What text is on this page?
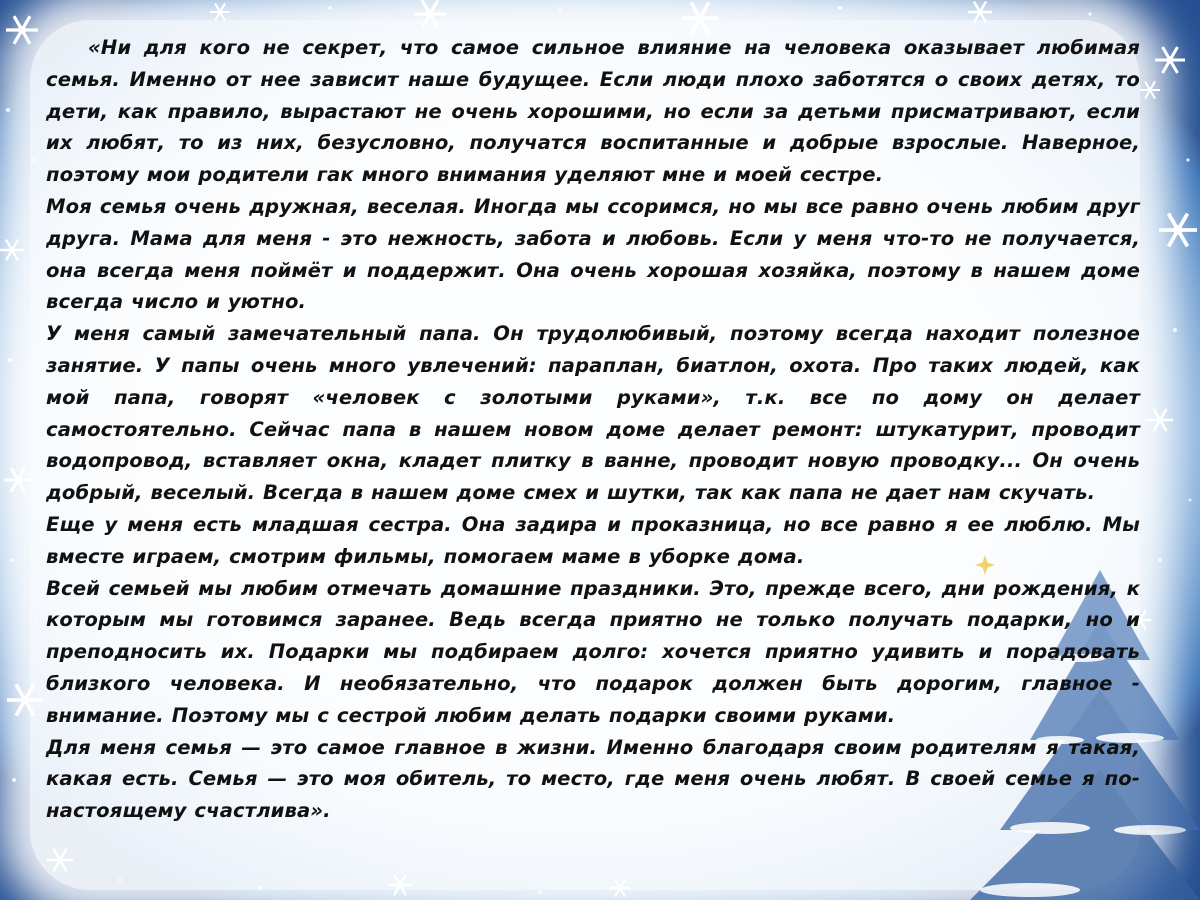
«Ни для кого не секрет, что самое сильное влияние на человека оказывает любимая семья. Именно от нее зависит наше будущее. Если люди плохо заботятся о своих детях, то дети, как правило, вырастают не очень хорошими, но если за детьми присматривают, если их любят, то из них, безусловно, получатся воспитанные и добрые взрослые. Наверное, поэтому мои родители гак много внимания уделяют мне и моей сестре.

Моя семья очень дружная, веселая. Иногда мы ссоримся, но мы все равно очень любим друг друга. Мама для меня - это нежность, забота и любовь. Если у меня что-то не получается, она всегда меня поймёт и поддержит. Она очень хорошая хозяйка, поэтому в нашем доме всегда число и уютно.

У меня самый замечательный папа. Он трудолюбивый, поэтому всегда находит полезное занятие. У папы очень много увлечений: параплан, биатлон, охота. Про таких людей, как мой папа, говорят «человек с золотыми руками», т.к. все по дому он делает самостоятельно. Сейчас папа в нашем новом доме делает ремонт: штукатурит, проводит водопровод, вставляет окна, кладет плитку в ванне, проводит новую проводку... Он очень добрый, веселый. Всегда в нашем доме смех и шутки, так как папа не дает нам скучать.

Еще у меня есть младшая сестра. Она задира и проказница, но все равно я ее люблю. Мы вместе играем, смотрим фильмы, помогаем маме в уборке дома.

Всей семьей мы любим отмечать домашние праздники. Это, прежде всего, дни рождения, к которым мы готовимся заранее. Ведь всегда приятно не только получать подарки, но и преподносить их. Подарки мы подбираем долго: хочется приятно удивить и порадовать близкого человека. И необязательно, что подарок должен быть дорогим, главное - внимание. Поэтому мы с сестрой любим делать подарки своими руками.

Для меня семья — это самое главное в жизни. Именно благодаря своим родителям я такая, какая есть. Семья — это моя обитель, то место, где меня очень любят. В своей семье я по-настоящему счастлива».
